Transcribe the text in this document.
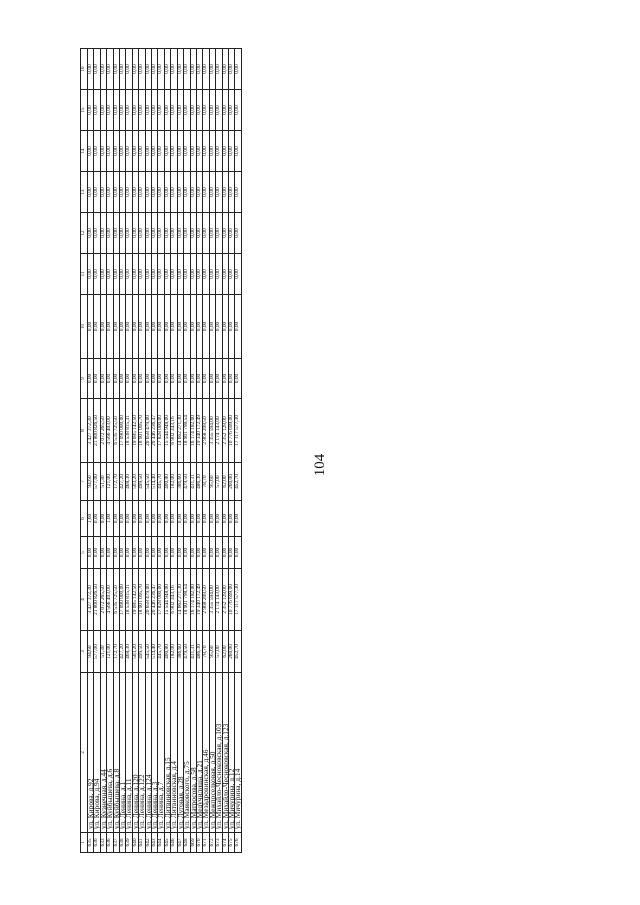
104
1	2	3	4	5	6	7	8	9	10	11	12	13	14	15	16
635	ул. Кирова, д.92	94,60	3 427 372,30	0,00	1,60	94,60	3 427 372,30	0,00	0,00	0,00	0,00	0,00	0,00	0,00	0,00
636	ул. Кирова, д.94	577,00	21 800 826,50	0,00	0,00	577,00	21 800 826,50	0,00	0,00	0,00	0,00	0,00	0,00	0,00	0,00
633	ул. Кузнечная, д.44	51,30	2 072 265,50	0,00	0,00	51,30	2 072 265,50	0,00	0,00	0,00	0,00	0,00	0,00	0,00	0,00
636	ул. Куйбышева, д.6	121,00	4 566 403,00	0,00	1,00	121,00	4 566 403,00	0,00	0,00	0,00	0,00	0,00	0,00	0,00	0,00
637	ул. Куйбышева, д.8	172,70	6 535 725,50	0,00	0,00	172,70	6 535 725,50	0,00	0,00	0,00	0,00	0,00	0,00	0,00	0,00
638	ул. Ленина, д.1	427,20	17 090 000,00	0,00	0,00	427,20	17 090 000,00	0,00	0,00	0,00	0,00	0,00	0,00	0,00	0,00
639	ул. Ленина, д.11	468,30	18 538 815,31	0,00	0,00	468,30	18 538 815,31	0,00	0,00	0,00	0,00	0,00	0,00	0,00	0,00
640	ул. Ленина, д.120	503,20	19 085 142,50	0,00	0,00	503,20	19 085 142,50	0,00	0,00	0,00	0,00	0,00	0,00	0,00	0,00
641	ул. Ленина, д.122	499,50	18 901 095,70	0,00	0,00	499,50	18 901 095,70	0,00	0,00	0,00	0,00	0,00	0,00	0,00	0,00
642	ул. Ленина, д.124	545,50	20 658 479,00	0,00	0,00	545,50	20 658 479,00	0,00	0,00	0,00	0,00	0,00	0,00	0,00	0,00
643	ул. Ленина, д.3	514,40	20 446 236,47	0,00	0,00	514,40	20 446 236,47	0,00	0,00	0,00	0,00	0,00	0,00	0,00	0,00
644	ул. Ленина, д.7	445,70	17 828 000,00	0,00	0,00	445,70	17 828 000,00	0,00	0,00	0,00	0,00	0,00	0,00	0,00	0,00
645	ул. Литвиновская, д.15	400,80	15 544 948,00	0,00	0,00	400,80	15 544 948,00	0,00	0,00	0,00	0,00	0,00	0,00	0,00	0,00
646	ул. Литвиновская, д.4	182,00	6 902 343,16	0,00	0,00	182,00	6 902 343,16	0,00	0,00	0,00	0,00	0,00	0,00	0,00	0,00
647	ул. Луговая, д.28	386,60	14 662 271,30	0,00	0,00	386,60	14 662 271,30	0,00	0,00	0,00	0,00	0,00	0,00	0,00	0,00
648	ул. Маяковского, д.75	479,50	18 901 798,54	0,00	0,00	479,50	18 901 798,54	0,00	0,00	0,00	0,00	0,00	0,00	0,00	0,00
669	ул. Матросова, д.58	431,31	16 174 182,00	0,00	0,00	431,31	16 174 182,00	0,00	0,00	0,00	0,00	0,00	0,00	0,00	0,00
670	ул. Медучилища, д.21	486,30	19 340 172,49	0,00	0,00	486,30	19 340 172,49	0,00	0,00	0,00	0,00	0,00	0,00	0,00	0,00
671	ул. Мезадровинская, д.46	78,70	2 968 208,50	0,00	0,00	78,70	2 968 208,50	0,00	0,00	0,00	0,00	0,00	0,00	0,00	0,00
672	ул. Межпоселковая, д.50	95,60	3 355 594,00	0,00	0,00	95,60	3 355 594,00	0,00	0,00	0,00	0,00	0,00	0,00	0,00	0,00
673	ул. Михайло-Чесноковская, д.103	57,00	2 174 143,00	0,00	0,00	57,00	2 174 143,00	0,00	0,00	0,00	0,00	0,00	0,00	0,00	0,00
674	ул. Михайло-Чесноковская, д.123	62,00	2 352 128,00	0,00	0,00	62,00	2 352 128,00	0,00	0,00	0,00	0,00	0,00	0,00	0,00	0,00
675	ул. Мичурина, д.12	260,00	10 776 699,00	0,00	0,00	260,00	10 776 699,00	0,00	0,00	0,00	0,00	0,00	0,00	0,00	0,00
676	ул. Мичурина, д.14	452,70	17 117 577,30	0,00	0,00	452,70	17 117 577,30	0,00	0,00	0,00	0,00	0,00	0,00	0,00	0,00
